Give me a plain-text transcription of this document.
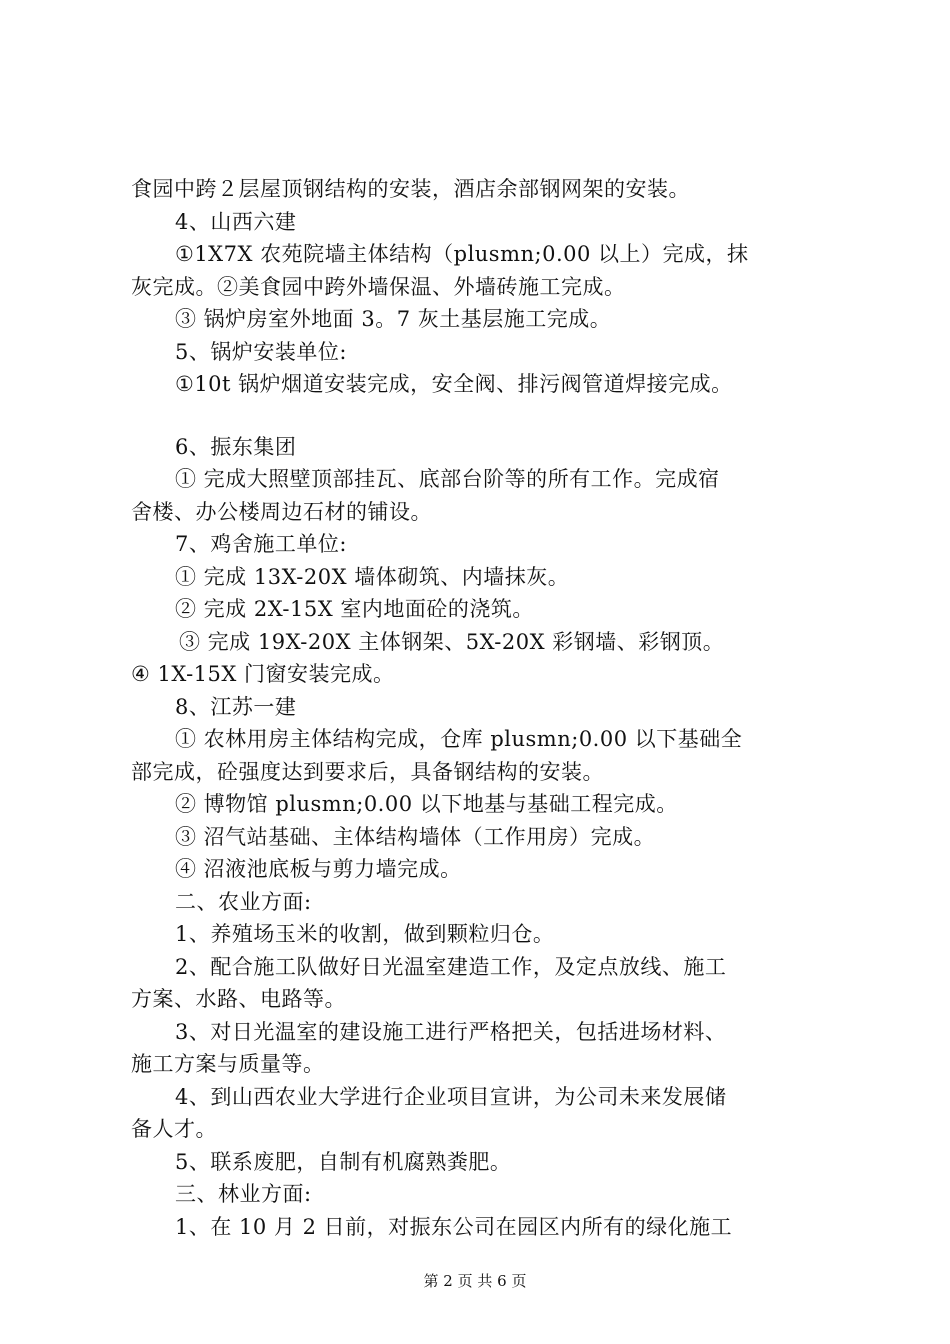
食园中跨２层屋顶钢结构的安装，酒店余部钢网架的安装。
4、山西六建
①1X7X 农苑院墙主体结构（plusmn;0.00 以上）完成，抹
灰完成。②美食园中跨外墙保温、外墙砖施工完成。
③ 锅炉房室外地面 3。7 灰土基层施工完成。
5、锅炉安装单位:
①10t 锅炉烟道安装完成，安全阀、排污阀管道焊接完成。
6、振东集团
① 完成大照壁顶部挂瓦、底部台阶等的所有工作。完成宿
舍楼、办公楼周边石材的铺设。
7、鸡舍施工单位:
① 完成 13X-20X 墙体砌筑、内墙抹灰。
② 完成 2X-15X 室内地面砼的浇筑。
③ 完成 19X-20X 主体钢架、5X-20X 彩钢墙、彩钢顶。
④ 1X-15X 门窗安装完成。
8、江苏一建
① 农林用房主体结构完成，仓库 plusmn;0.00 以下基础全
部完成，砼强度达到要求后，具备钢结构的安装。
② 博物馆 plusmn;0.00 以下地基与基础工程完成。
③ 沼气站基础、主体结构墙体（工作用房）完成。
④ 沼液池底板与剪力墙完成。
二、农业方面:
1、养殖场玉米的收割，做到颗粒归仓。
2、配合施工队做好日光温室建造工作，及定点放线、施工
方案、水路、电路等。
3、对日光温室的建设施工进行严格把关，包括进场材料、
施工方案与质量等。
4、到山西农业大学进行企业项目宣讲，为公司未来发展储
备人才。
5、联系废肥，自制有机腐熟粪肥。
三、林业方面:
1、在 10 月 2 日前，对振东公司在园区内所有的绿化施工
第 2 页 共 6 页
